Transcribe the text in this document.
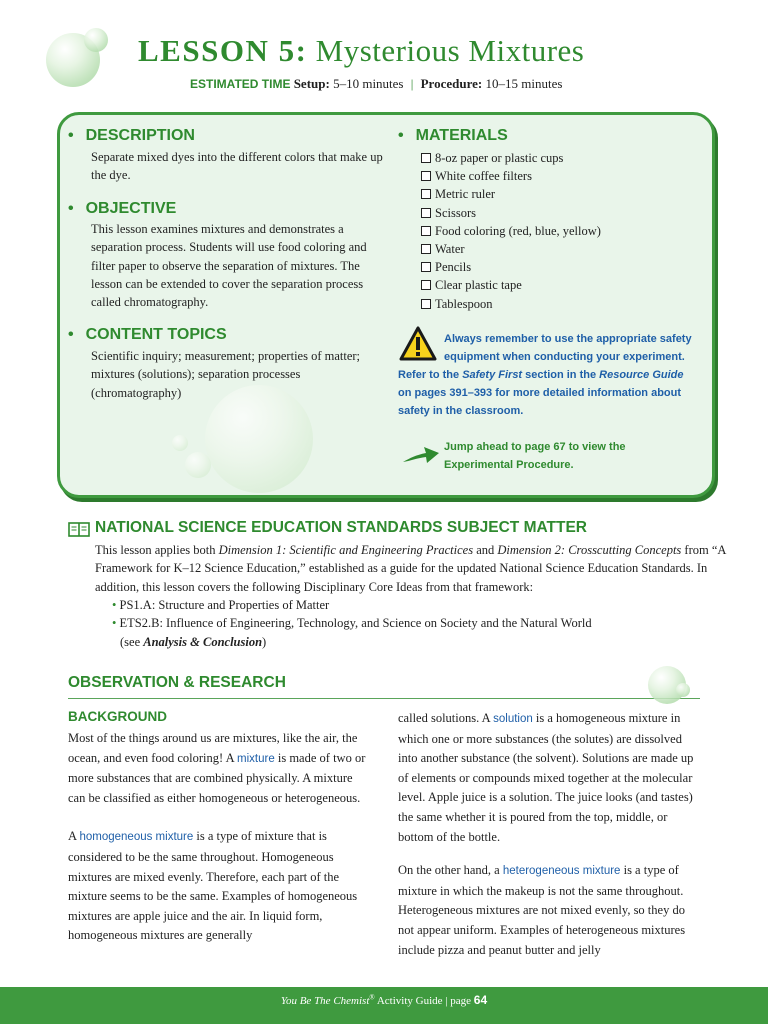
LESSON 5: Mysterious Mixtures
ESTIMATED TIME Setup: 5–10 minutes | Procedure: 10–15 minutes
• DESCRIPTION
Separate mixed dyes into the different colors that make up the dye.
• OBJECTIVE
This lesson examines mixtures and demonstrates a separation process. Students will use food coloring and filter paper to observe the separation of mixtures. The lesson can be extended to cover the separation process called chromatography.
• CONTENT TOPICS
Scientific inquiry; measurement; properties of matter; mixtures (solutions); separation processes (chromatography)
• MATERIALS
8-oz paper or plastic cups
White coffee filters
Metric ruler
Scissors
Food coloring (red, blue, yellow)
Water
Pencils
Clear plastic tape
Tablespoon
Always remember to use the appropriate safety
equipment when conducting your experiment.
Refer to the Safety First section in the Resource Guide
on pages 391–393 for more detailed information about
safety in the classroom.
Jump ahead to page 67 to view the
Experimental Procedure.
NATIONAL SCIENCE EDUCATION STANDARDS SUBJECT MATTER
This lesson applies both Dimension 1: Scientific and Engineering Practices and Dimension 2: Crosscutting Concepts from “A Framework for K–12 Science Education,” established as a guide for the updated National Science Education Standards. In addition, this lesson covers the following Disciplinary Core Ideas from that framework:
• PS1.A: Structure and Properties of Matter
• ETS2.B: Influence of Engineering, Technology, and Science on Society and the Natural World
(see Analysis & Conclusion)
OBSERVATION & RESEARCH
BACKGROUND
Most of the things around us are mixtures, like the air, the ocean, and even food coloring! A mixture is made of two or more substances that are combined physically. A mixture can be classified as either homogeneous or heterogeneous.
A homogeneous mixture is a type of mixture that is considered to be the same throughout. Homogeneous mixtures are mixed evenly. Therefore, each part of the mixture seems to be the same. Examples of homogeneous mixtures are apple juice and the air. In liquid form, homogeneous mixtures are generally
called solutions. A solution is a homogeneous mixture in which one or more substances (the solutes) are dissolved into another substance (the solvent). Solutions are made up of elements or compounds mixed together at the molecular level. Apple juice is a solution. The juice looks (and tastes) the same whether it is poured from the top, middle, or bottom of the bottle.
On the other hand, a heterogeneous mixture is a type of mixture in which the makeup is not the same throughout. Heterogeneous mixtures are not mixed evenly, so they do not appear uniform. Examples of heterogeneous mixtures include pizza and peanut butter and jelly
You Be The Chemist® Activity Guide | page 64
